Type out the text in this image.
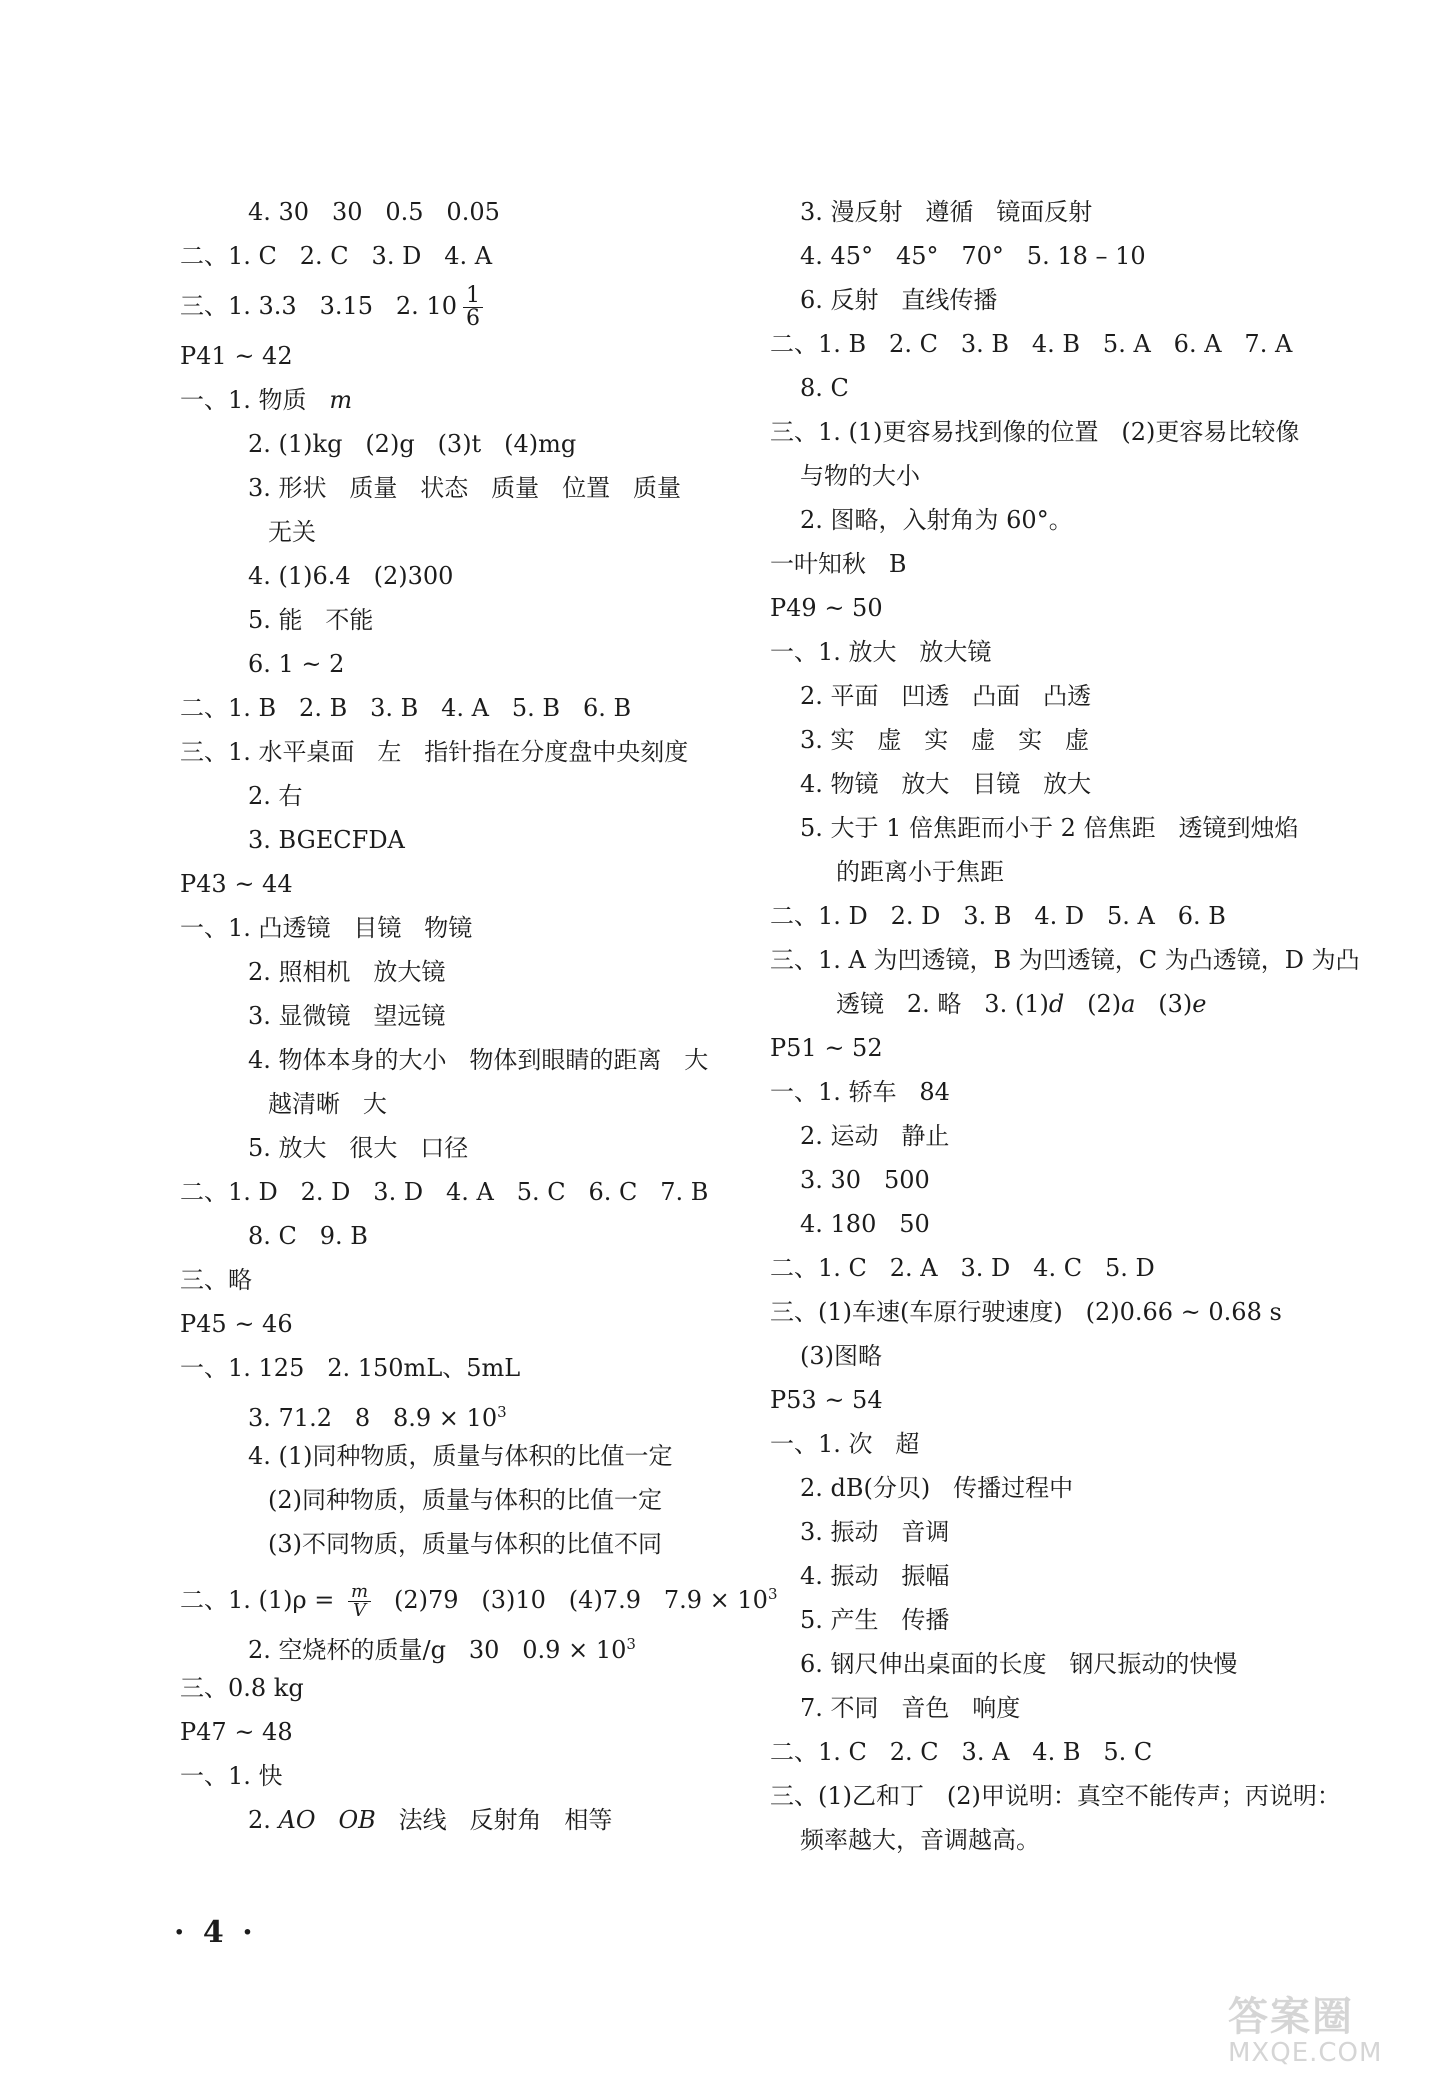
4. 30   30   0.5   0.05
二、1. C   2. C   3. D   4. A
三、1. 3.3   3.15   2. $10 \frac{1}{6}$
P41 ~ 42
一、1. 物质   m
2. (1)kg   (2)g   (3)t   (4)mg
3. 形状   质量   状态   质量   位置   质量
无关
4. (1)6.4   (2)300
5. 能   不能
6. 1 ~ 2
二、1. B   2. B   3. B   4. A   5. B   6. B
三、1. 水平桌面   左   指针指在分度盘中央刻度
2. 右
3. BGECFDA
P43 ~ 44
一、1. 凸透镜   目镜   物镜
2. 照相机   放大镜
3. 显微镜   望远镜
4. 物体本身的大小   物体到眼睛的距离   大
越清晰   大
5. 放大   很大   口径
二、1. D   2. D   3. D   4. A   5. C   6. C   7. B
8. C   9. B
三、略
P45 ~ 46
一、1. 125   2. 150mL、5mL
3. 71.2   8   $8.9 \times 10^3$
4. (1)同种物质，质量与体积的比值一定
(2)同种物质，质量与体积的比值一定
(3)不同物质，质量与体积的比值不同
二、1. $(1)\rho = \frac{m}{V} (2)79$   (3)10   (4)7.9   $7.9 \times 10^3$
2. 空烧杯的质量/g   30   $0.9 \times 10^3$
三、0.8 kg
P47 ~ 48
一、1. 快
2. AO OB   法线   反射角   相等
3. 漫反射   遵循   镜面反射
4. 45°   45°   70°   5. 18 – 10
6. 反射   直线传播
二、1. B   2. C   3. B   4. B   5. A   6. A   7. A
8. C
三、1. (1)更容易找到像的位置   (2)更容易比较像
与物的大小
2. 图略，入射角为 60°。
一叶知秋   B
P49 ~ 50
一、1. 放大   放大镜
2. 平面   凹透   凸面   凸透
3. 实   虚   实   虚   实   虚
4. 物镜   放大   目镜   放大
5. 大于 1 倍焦距而小于 2 倍焦距   透镜到烛焰
的距离小于焦距
二、1. D   2. D   3. B   4. D   5. A   6. B
三、1. A 为凹透镜，B 为凹透镜，C 为凸透镜，D 为凸
透镜   2. 略   3. (1)d   (2)a   (3)e
P51 ~ 52
一、1. 轿车   84
2. 运动   静止
3. 30   500
4. 180   50
二、1. C   2. A   3. D   4. C   5. D
三、(1)车速(车原行驶速度)   (2)0.66 ~ 0.68 s
(3)图略
P53 ~ 54
一、1. 次   超
2. dB(分贝)   传播过程中
3. 振动   音调
4. 振动   振幅
5. 产生   传播
6. 钢尺伸出桌面的长度   钢尺振动的快慢
7. 不同   音色   响度
二、1. C   2. C   3. A   4. B   5. C
三、(1)乙和丁   (2)甲说明：真空不能传声；丙说明：
频率越大，音调越高。
· 4 ·
答案圈
MXQE.COM
